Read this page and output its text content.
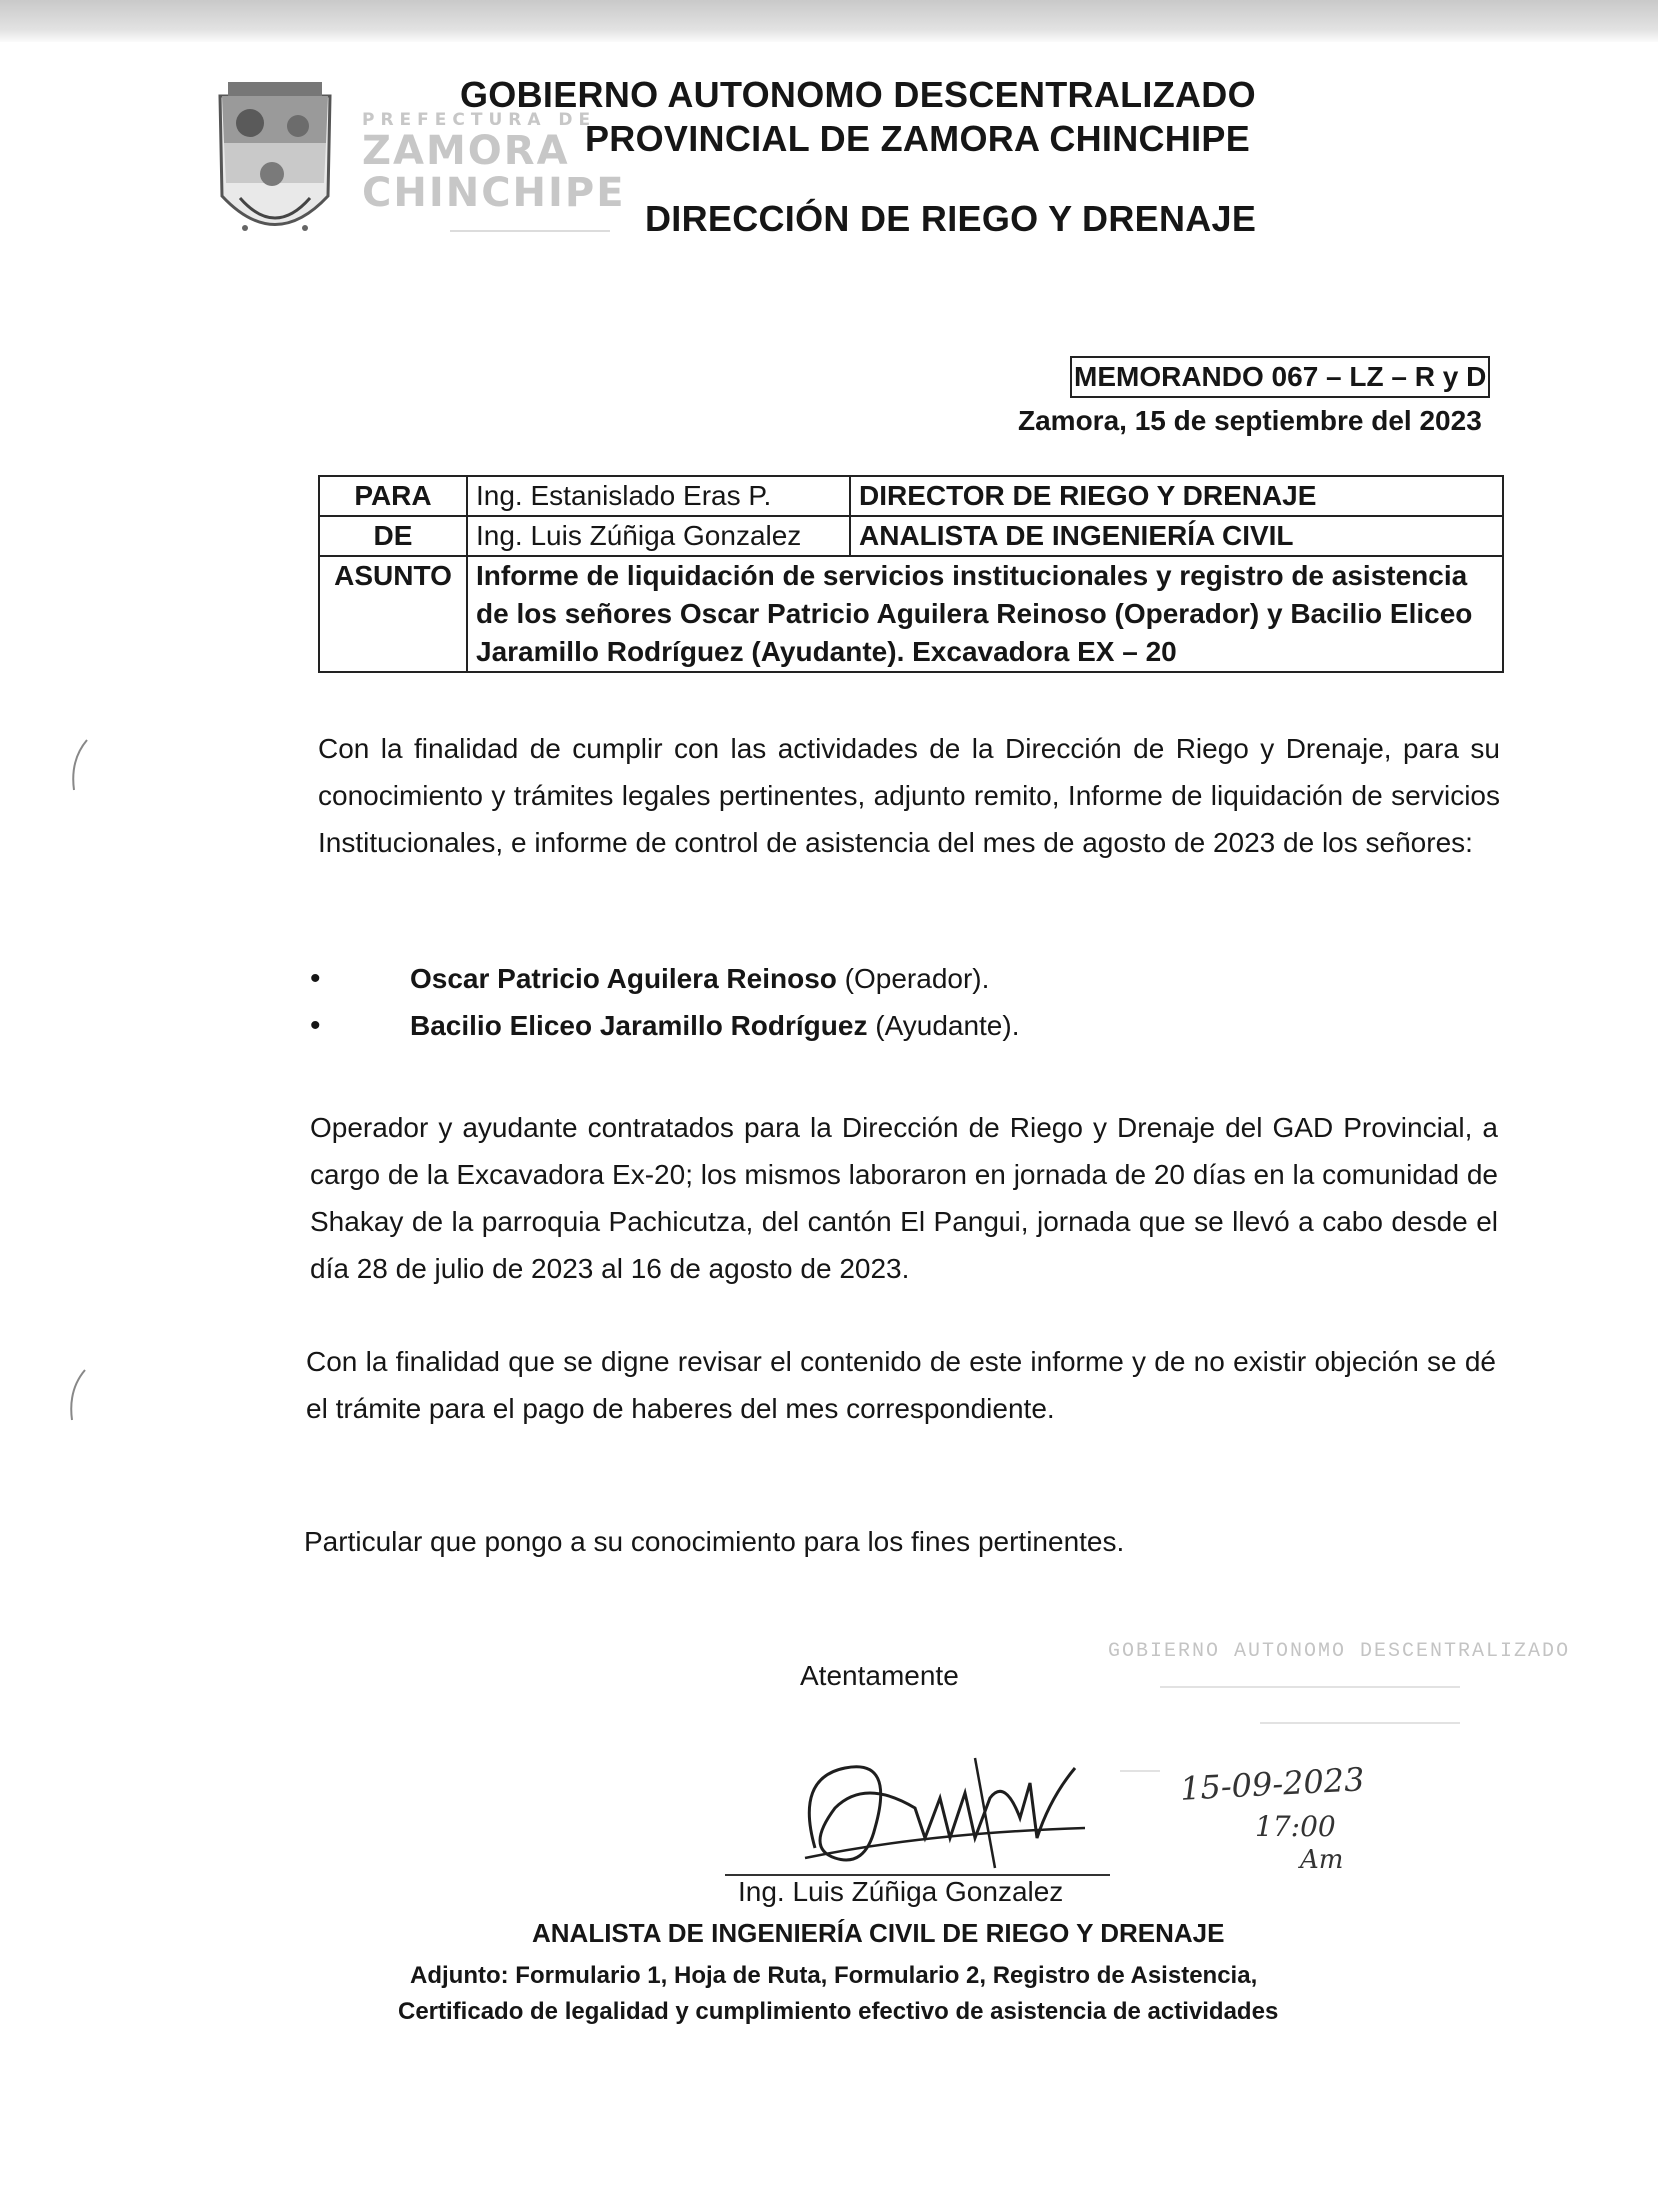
PREFECTURA DE
ZAMORA
CHINCHIPE
GOBIERNO AUTONOMO DESCENTRALIZADO
PROVINCIAL DE ZAMORA CHINCHIPE
DIRECCIÓN DE RIEGO Y DRENAJE
MEMORANDO 067 – LZ – R y D
Zamora, 15 de septiembre del 2023
PARA	Ing. Estanislado Eras P.	DIRECTOR DE RIEGO Y DRENAJE
DE	Ing. Luis Zúñiga Gonzalez	ANALISTA DE INGENIERÍA CIVIL
ASUNTO	Informe de liquidación de servicios institucionales y registro de asistencia de los señores Oscar Patricio Aguilera Reinoso (Operador) y Bacilio Eliceo Jaramillo Rodríguez (Ayudante). Excavadora EX – 20	
Con la finalidad de cumplir con las actividades de la Dirección de Riego y Drenaje, para su conocimiento y trámites legales pertinentes, adjunto remito, Informe de liquidación de servicios Institucionales, e informe de control de asistencia del mes de agosto de 2023 de los señores:
•	Oscar Patricio Aguilera Reinoso (Operador).
•	Bacilio Eliceo Jaramillo Rodríguez (Ayudante).
Operador y ayudante contratados para la Dirección de Riego y Drenaje del GAD Provincial, a cargo de la Excavadora Ex-20; los mismos laboraron en jornada de 20 días en la comunidad de Shakay de la parroquia Pachicutza, del cantón El Pangui, jornada que se llevó a cabo desde el día 28 de julio de 2023 al 16 de agosto de 2023.
Con la finalidad que se digne revisar el contenido de este informe y de no existir objeción se dé el trámite para el pago de haberes del mes correspondiente.
Particular que pongo a su conocimiento para los fines pertinentes.
Atentamente
GOBIERNO AUTONOMO DESCENTRALIZADO
15-09-2023
17:00
Am
Ing. Luis Zúñiga Gonzalez
ANALISTA DE INGENIERÍA CIVIL DE RIEGO Y DRENAJE
Adjunto: Formulario 1, Hoja de Ruta, Formulario 2, Registro de Asistencia,
Certificado de legalidad y cumplimiento efectivo de asistencia de actividades
